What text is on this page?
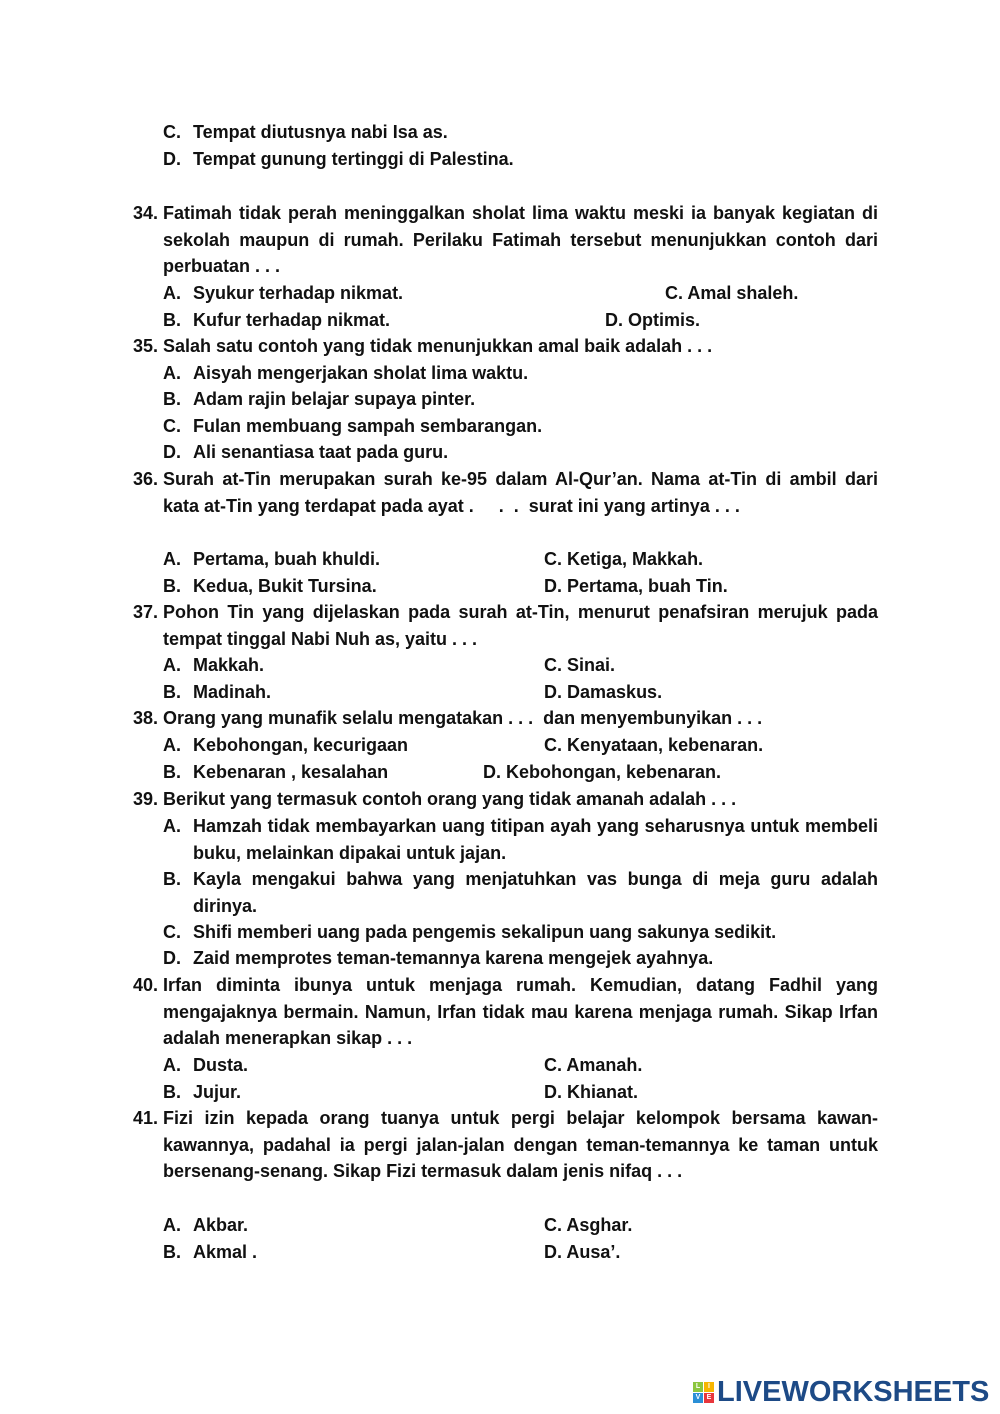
C. Tempat diutusnya nabi Isa as.
D. Tempat gunung tertinggi di Palestina.
34. Fatimah tidak perah meninggalkan sholat lima waktu meski ia banyak kegiatan di sekolah maupun di rumah. Perilaku Fatimah tersebut menunjukkan contoh dari perbuatan . . .
A. Syukur terhadap nikmat.	C. Amal shaleh.
B. Kufur terhadap nikmat.	D. Optimis.
35. Salah satu contoh yang tidak menunjukkan amal baik adalah . . .
A. Aisyah mengerjakan sholat lima waktu.
B. Adam rajin belajar supaya pinter.
C. Fulan membuang sampah sembarangan.
D. Ali senantiasa taat pada guru.
36. Surah at-Tin merupakan surah ke-95 dalam Al-Qur’an. Nama at-Tin di ambil dari kata at-Tin yang terdapat pada ayat .     .  .  surat ini yang artinya . . .
A. Pertama, buah khuldi.	C. Ketiga, Makkah.
B. Kedua, Bukit Tursina.	D. Pertama, buah Tin.
37. Pohon Tin yang dijelaskan pada surah at-Tin, menurut penafsiran merujuk pada tempat tinggal Nabi Nuh as, yaitu . . .
A. Makkah.	C. Sinai.
B. Madinah.	D. Damaskus.
38. Orang yang munafik selalu mengatakan . . .  dan menyembunyikan . . .
A. Kebohongan, kecurigaan	C. Kenyataan, kebenaran.
B. Kebenaran , kesalahan	D. Kebohongan, kebenaran.
39. Berikut yang termasuk contoh orang yang tidak amanah adalah . . .
A. Hamzah tidak membayarkan uang titipan ayah yang seharusnya untuk membeli buku, melainkan dipakai untuk jajan.
B. Kayla mengakui bahwa yang menjatuhkan vas bunga di meja guru adalah dirinya.
C. Shifi memberi uang pada pengemis sekalipun uang sakunya sedikit.
D. Zaid memprotes teman-temannya karena mengejek ayahnya.
40. Irfan diminta ibunya untuk menjaga rumah. Kemudian, datang Fadhil yang mengajaknya bermain. Namun, Irfan tidak mau karena menjaga rumah. Sikap Irfan adalah menerapkan sikap . . .
A. Dusta.	C. Amanah.
B. Jujur.	D. Khianat.
41. Fizi izin kepada orang tuanya untuk pergi belajar kelompok bersama kawan-kawannya, padahal ia pergi jalan-jalan dengan teman-temannya ke taman untuk bersenang-senang. Sikap Fizi termasuk dalam jenis nifaq . . .
A. Akbar.	C. Asghar.
B. Akmal .	D. Ausa’.
L	I
V E LIVEWORKSHEETS
